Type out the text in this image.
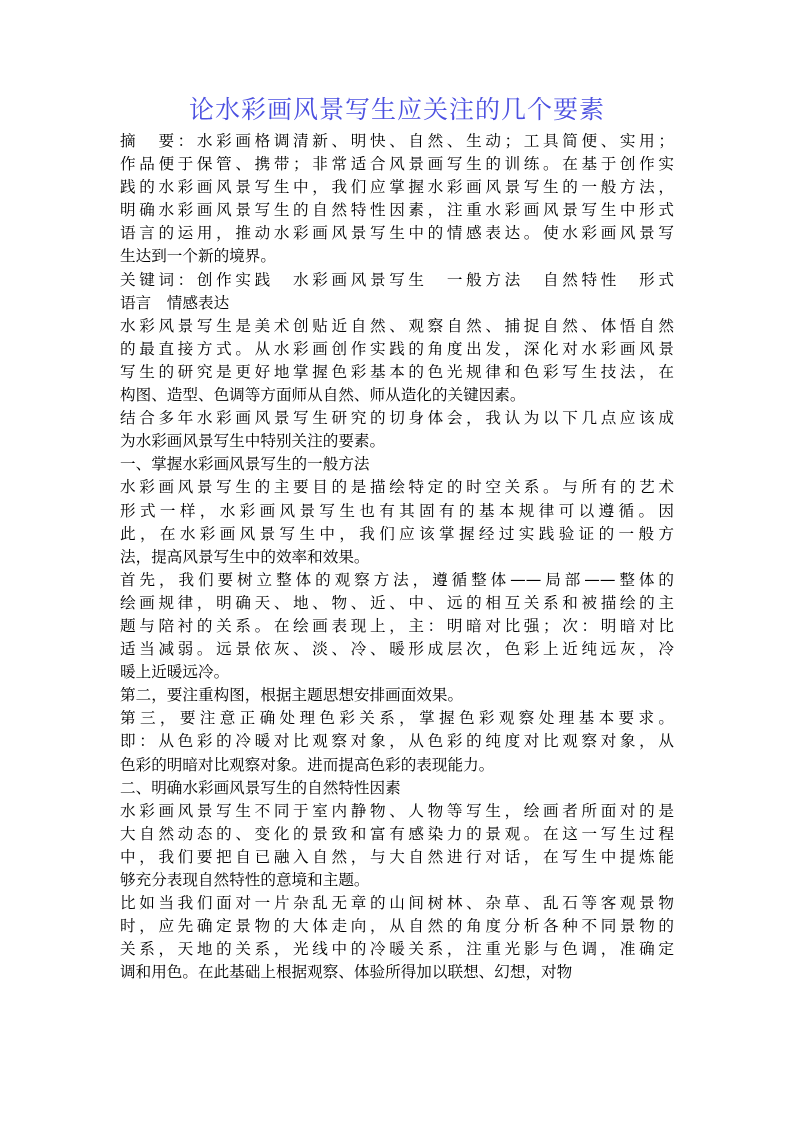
论水彩画风景写生应关注的几个要素
摘　要：水彩画格调清新、明快、自然、生动；工具简便、实用；
作品便于保管、携带；非常适合风景画写生的训练。在基于创作实
践的水彩画风景写生中，我们应掌握水彩画风景写生的一般方法，
明确水彩画风景写生的自然特性因素，注重水彩画风景写生中形式
语言的运用，推动水彩画风景写生中的情感表达。使水彩画风景写
生达到一个新的境界。
关键词：创作实践　水彩画风景写生　一般方法　自然特性　形式
语言　情感表达
水彩风景写生是美术创贴近自然、观察自然、捕捉自然、体悟自然
的最直接方式。从水彩画创作实践的角度出发，深化对水彩画风景
写生的研究是更好地掌握色彩基本的色光规律和色彩写生技法，在
构图、造型、色调等方面师从自然、师从造化的关键因素。
结合多年水彩画风景写生研究的切身体会，我认为以下几点应该成
为水彩画风景写生中特别关注的要素。
一、掌握水彩画风景写生的一般方法
水彩画风景写生的主要目的是描绘特定的时空关系。与所有的艺术
形式一样，水彩画风景写生也有其固有的基本规律可以遵循。因
此，在水彩画风景写生中，我们应该掌握经过实践验证的一般方
法，提高风景写生中的效率和效果。
首先，我们要树立整体的观察方法，遵循整体——局部——整体的
绘画规律，明确天、地、物、近、中、远的相互关系和被描绘的主
题与陪衬的关系。在绘画表现上，主：明暗对比强；次：明暗对比
适当减弱。远景依灰、淡、冷、暖形成层次，色彩上近纯远灰，冷
暖上近暖远冷。
第二，要注重构图，根据主题思想安排画面效果。
第三，要注意正确处理色彩关系，掌握色彩观察处理基本要求。
即：从色彩的冷暖对比观察对象，从色彩的纯度对比观察对象，从
色彩的明暗对比观察对象。进而提高色彩的表现能力。
二、明确水彩画风景写生的自然特性因素
水彩画风景写生不同于室内静物、人物等写生，绘画者所面对的是
大自然动态的、变化的景致和富有感染力的景观。在这一写生过程
中，我们要把自已融入自然，与大自然进行对话，在写生中提炼能
够充分表现自然特性的意境和主题。
比如当我们面对一片杂乱无章的山间树林、杂草、乱石等客观景物
时，应先确定景物的大体走向，从自然的角度分析各种不同景物的
关系，天地的关系，光线中的冷暖关系，注重光影与色调，准确定
调和用色。在此基础上根据观察、体验所得加以联想、幻想，对物
